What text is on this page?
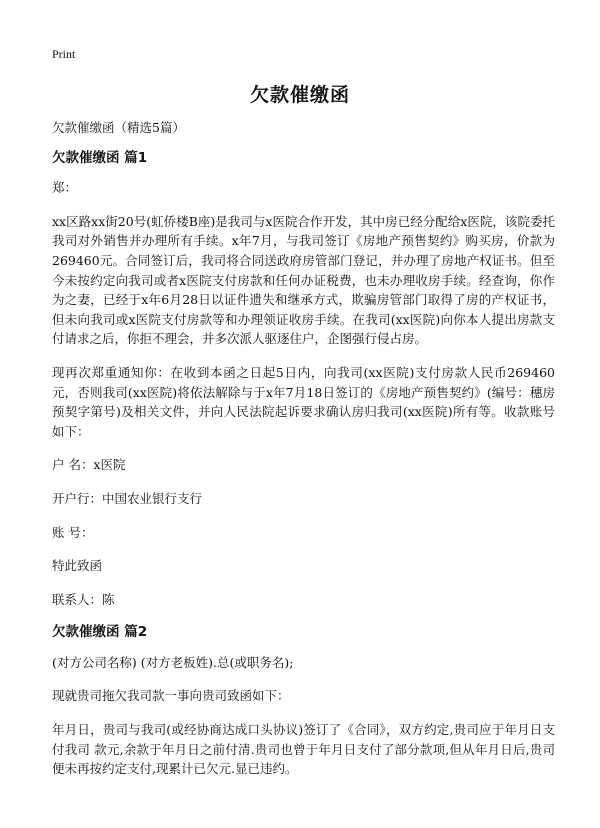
Print
欠款催缴函

欠款催缴函（精选5篇）

欠款催缴函 篇1

郑：

xx区路xx街20号(虹侨楼B座)是我司与x医院合作开发，其中房已经分配给x医院，该院委托我司对外销售并办理所有手续。x年7月，与我司签订《房地产预售契约》购买房，价款为269460元。合同签订后，我司将合同送政府房管部门登记，并办理了房地产权证书。但至今未按约定向我司或者x医院支付房款和任何办证税费，也未办理收房手续。经查询，你作为之妻，已经于x年6月28日以证件遗失和继承方式，欺骗房管部门取得了房的产权证书，但未向我司或x医院支付房款等和办理领证收房手续。在我司(xx医院)向你本人提出房款支付请求之后，你拒不理会，并多次派人驱逐住户，企图强行侵占房。

现再次郑重通知你：在收到本函之日起5日内，向我司(xx医院)支付房款人民币269460元，否则我司(xx医院)将依法解除与于x年7月18日签订的《房地产预售契约》(编号：穗房预契字第号)及相关文件，并向人民法院起诉要求确认房归我司(xx医院)所有等。收款账号如下：

户 名：x医院

开户行：中国农业银行支行

账 号：

特此致函

联系人：陈

欠款催缴函 篇2

(对方公司名称) (对方老板姓).总(或职务名);

现就贵司拖欠我司款一事向贵司致函如下：

年月日，贵司与我司(或经协商达成口头协议)签订了《合同》，双方约定,贵司应于年月日支付我司 款元,余款于年月日之前付清.贵司也曾于年月日支付了部分款项,但从年月日后,贵司便未再按约定支付,现累计已欠元.显已违约。
